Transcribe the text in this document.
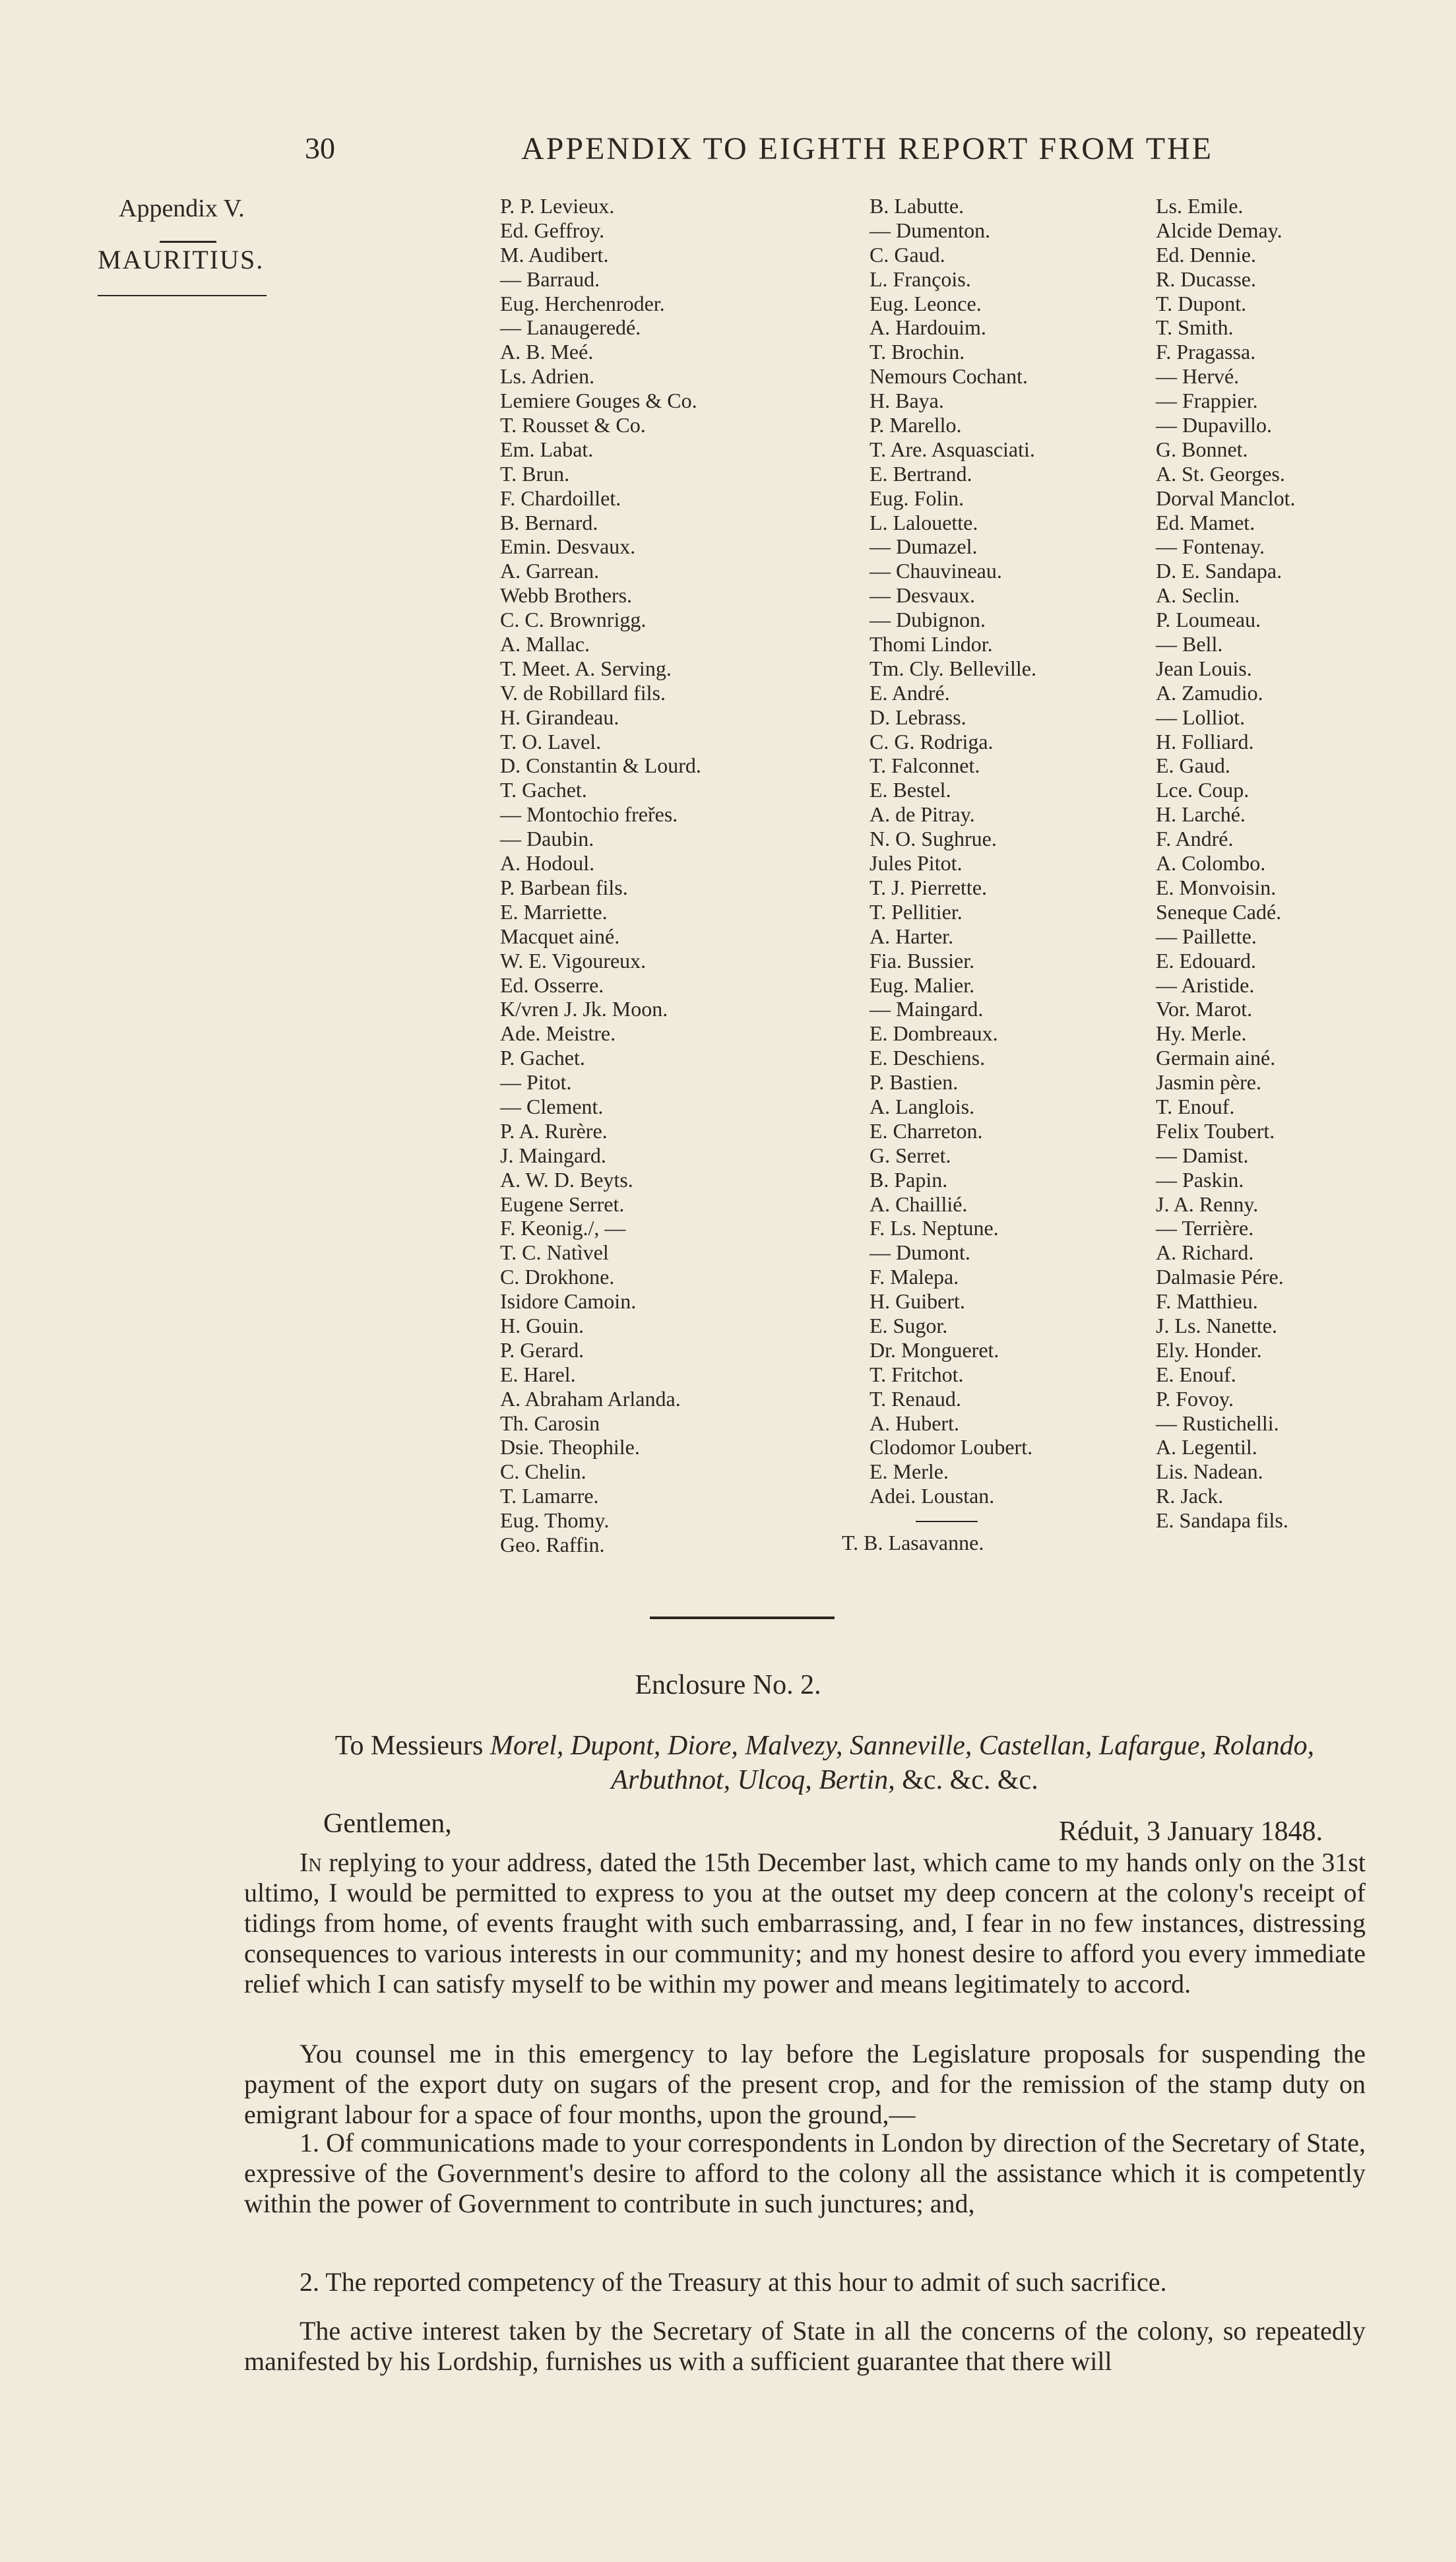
30	APPENDIX TO EIGHTH REPORT FROM THE
Appendix V.
MAURITIUS.
P. P. Levieux.
Ed. Geffroy.
M. Audibert.
— Barraud.
Eug. Herchenroder.
— Lanaugeredé.
A. B. Meé.
Ls. Adrien.
Lemiere Gouges & Co.
T. Rousset & Co.
Em. Labat.
T. Brun.
F. Chardoillet.
B. Bernard.
Emin. Desvaux.
A. Garrean.
Webb Brothers.
C. C. Brownrigg.
A. Mallac.
T. Meet. A. Serving.
V. de Robillard fils.
H. Girandeau.
T. O. Lavel.
D. Constantin & Lourd.
T. Gachet.
— Montochio freřes.
— Daubin.
A. Hodoul.
P. Barbean fils.
E. Marriette.
Macquet ainé.
W. E. Vigoureux.
Ed. Osserre.
K/vren J. Jk. Moon.
Ade. Meistre.
P. Gachet.
— Pitot.
— Clement.
P. A. Rurère.
J. Maingard.
A. W. D. Beyts.
Eugene Serret.
F. Keonig./, —
T. C. Natìvel
C. Drokhone.
Isidore Camoin.
H. Gouin.
P. Gerard.
E. Harel.
A. Abraham Arlanda.
Th. Carosin
Dsie. Theophile.
C. Chelin.
T. Lamarre.
Eug. Thomy.
Geo. Raffin.
B. Labutte.
— Dumenton.
C. Gaud.
L. François.
Eug. Leonce.
A. Hardouim.
T. Brochin.
Nemours Cochant.
H. Baya.
P. Marello.
T. Are. Asquasciati.
E. Bertrand.
Eug. Folin.
L. Lalouette.
— Dumazel.
— Chauvineau.
— Desvaux.
— Dubignon.
Thomi Lindor.
Tm. Cly. Belleville.
E. André.
D. Lebrass.
C. G. Rodriga.
T. Falconnet.
E. Bestel.
A. de Pitray.
N. O. Sughrue.
Jules Pitot.
T. J. Pierrette.
T. Pellitier.
A. Harter.
Fia. Bussier.
Eug. Malier.
— Maingard.
E. Dombreaux.
E. Deschiens.
P. Bastien.
A. Langlois.
E. Charreton.
G. Serret.
B. Papin.
A. Chaillié.
F. Ls. Neptune.
— Dumont.
F. Malepa.
H. Guibert.
E. Sugor.
Dr. Mongueret.
T. Fritchot.
T. Renaud.
A. Hubert.
Clodomor Loubert.
E. Merle.
Adei. Loustan.
Ls. Emile.
Alcide Demay.
Ed. Dennie.
R. Ducasse.
T. Dupont.
T. Smith.
F. Pragassa.
— Hervé.
— Frappier.
— Dupavillo.
G. Bonnet.
A. St. Georges.
Dorval Manclot.
Ed. Mamet.
— Fontenay.
D. E. Sandapa.
A. Seclin.
P. Loumeau.
— Bell.
Jean Louis.
A. Zamudio.
— Lolliot.
H. Folliard.
E. Gaud.
Lce. Coup.
H. Larché.
F. André.
A. Colombo.
E. Monvoisin.
Seneque Cadé.
— Paillette.
E. Edouard.
— Aristide.
Vor. Marot.
Hy. Merle.
Germain ainé.
Jasmin père.
T. Enouf.
Felix Toubert.
— Damist.
— Paskin.
J. A. Renny.
— Terrière.
A. Richard.
Dalmasie Pére.
F. Matthieu.
J. Ls. Nanette.
Ely. Honder.
E. Enouf.
P. Fovoy.
— Rustichelli.
A. Legentil.
Lis. Nadean.
R. Jack.
E. Sandapa fils.
T. B. Lasavanne.
Enclosure No. 2.
To Messieurs Morel, Dupont, Diore, Malvezy, Sanneville, Castellan, Lafargue, Rolando,
Arbuthnot, Ulcoq, Bertin, &c. &c. &c.
Gentlemen,	Réduit, 3 January 1848.
In replying to your address, dated the 15th December last, which came to my hands only on the 31st ultimo, I would be permitted to express to you at the outset my deep concern at the colony's receipt of tidings from home, of events fraught with such embarrassing, and, I fear in no few instances, distressing consequences to various interests in our community; and my honest desire to afford you every immediate relief which I can satisfy myself to be within my power and means legitimately to accord.
You counsel me in this emergency to lay before the Legislature proposals for suspending the payment of the export duty on sugars of the present crop, and for the remission of the stamp duty on emigrant labour for a space of four months, upon the ground,—
1. Of communications made to your correspondents in London by direction of the Secretary of State, expressive of the Government's desire to afford to the colony all the assistance which it is competently within the power of Government to contribute in such junctures; and,
2. The reported competency of the Treasury at this hour to admit of such sacrifice.
The active interest taken by the Secretary of State in all the concerns of the colony, so repeatedly manifested by his Lordship, furnishes us with a sufficient guarantee that there will
